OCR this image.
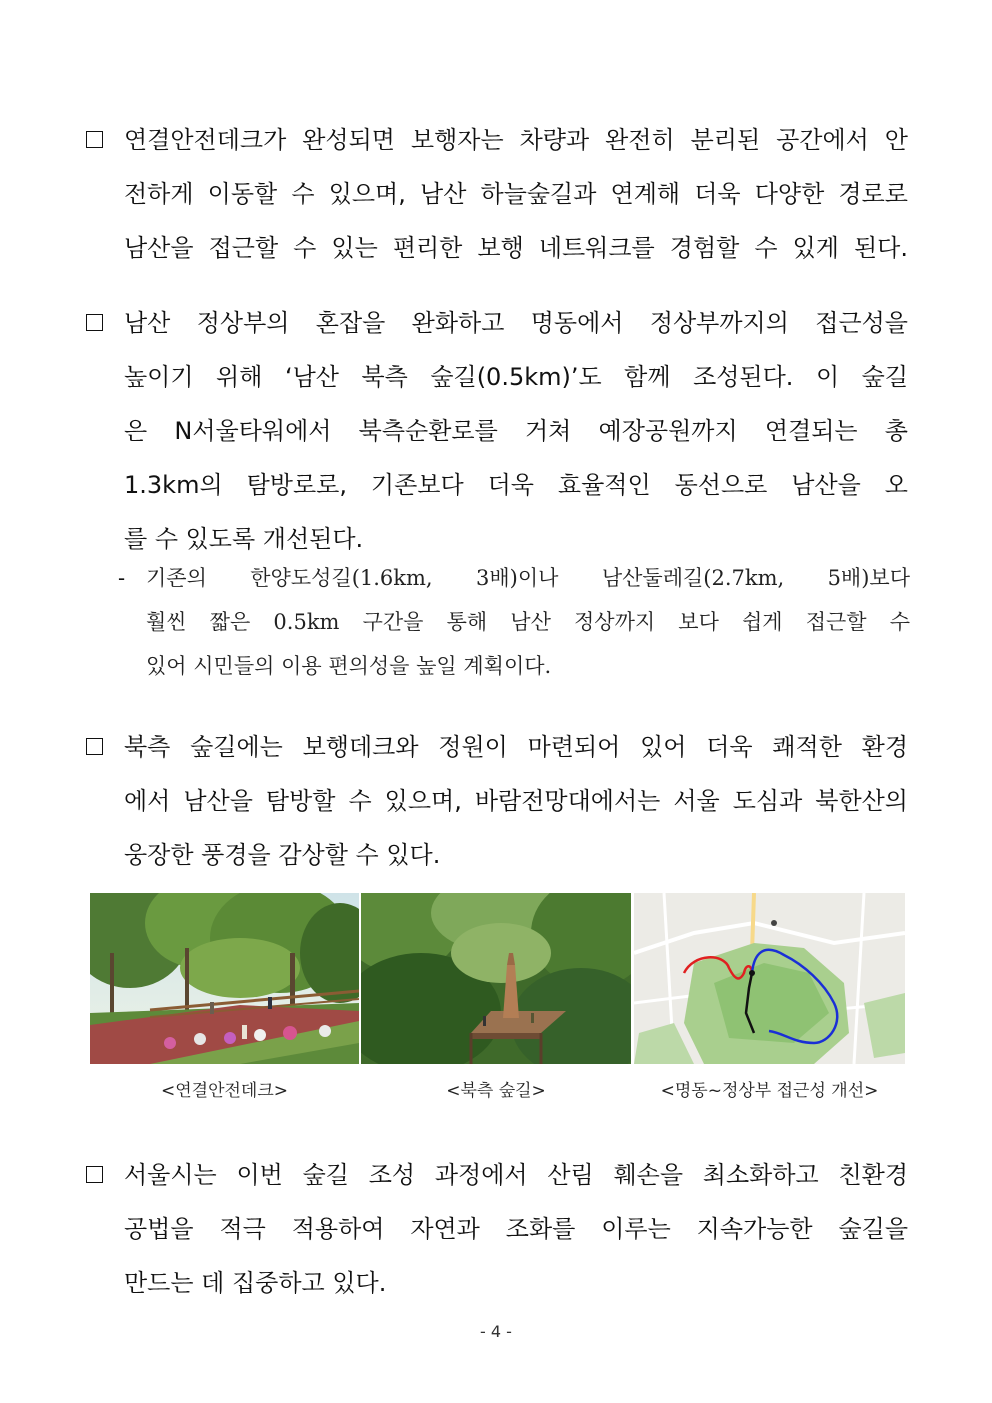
연결안전데크가 완성되면 보행자는 차량과 완전히 분리된 공간에서 안
전하게 이동할 수 있으며, 남산 하늘숲길과 연계해 더욱 다양한 경로로
남산을 접근할 수 있는 편리한 보행 네트워크를 경험할 수 있게 된다.
남산 정상부의 혼잡을 완화하고 명동에서 정상부까지의 접근성을
높이기 위해 ‘남산 북측 숲길(0.5km)’도 함께 조성된다. 이 숲길
은 N서울타워에서 북측순환로를 거쳐 예장공원까지 연결되는 총
1.3km의 탐방로로, 기존보다 더욱 효율적인 동선으로 남산을 오
를 수 있도록 개선된다.
- 기존의 한양도성길(1.6km, 3배)이나 남산둘레길(2.7km, 5배)보다
훨씬 짧은 0.5km 구간을 통해 남산 정상까지 보다 쉽게 접근할 수
있어 시민들의 이용 편의성을 높일 계획이다.
북측 숲길에는 보행데크와 정원이 마련되어 있어 더욱 쾌적한 환경
에서 남산을 탐방할 수 있으며, 바람전망대에서는 서울 도심과 북한산의
웅장한 풍경을 감상할 수 있다.
<연결안전데크>	<북측 숲길>	<명동~정상부 접근성 개선>
서울시는 이번 숲길 조성 과정에서 산림 훼손을 최소화하고 친환경
공법을 적극 적용하여 자연과 조화를 이루는 지속가능한 숲길을
만드는 데 집중하고 있다.
- 4 -
